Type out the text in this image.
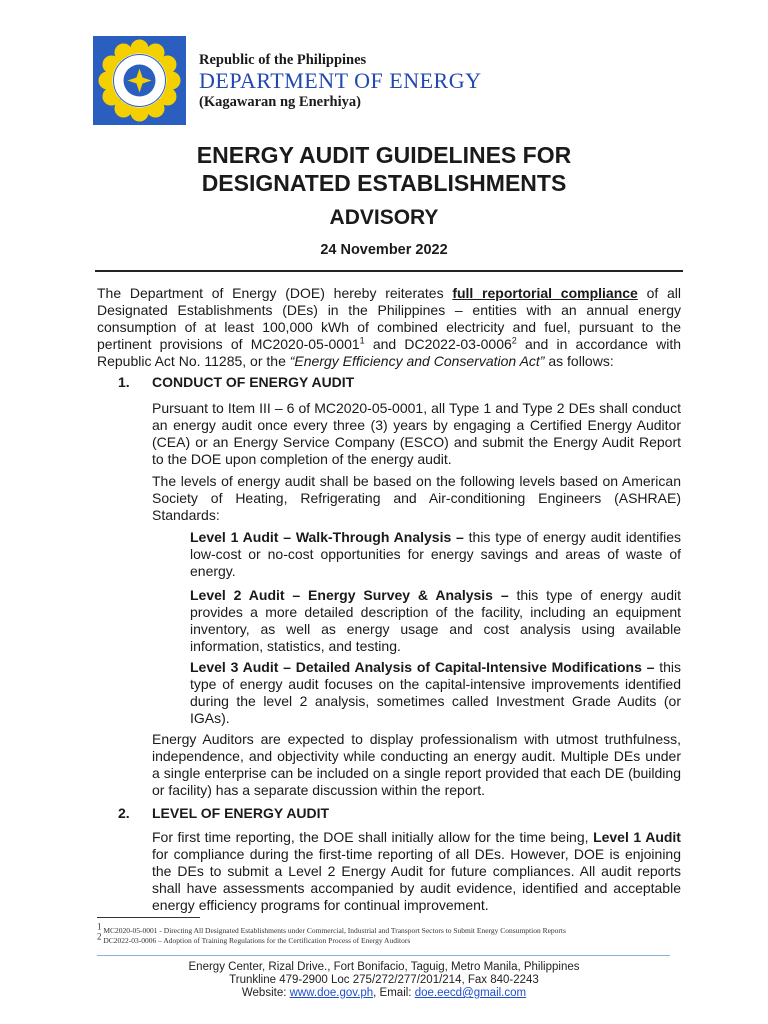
Republic of the Philippines
DEPARTMENT OF ENERGY
(Kagawaran ng Enerhiya)
ENERGY AUDIT GUIDELINES FOR
DESIGNATED ESTABLISHMENTS
ADVISORY
24 November 2022
The Department of Energy (DOE) hereby reiterates full reportorial compliance of all Designated Establishments (DEs) in the Philippines – entities with an annual energy consumption of at least 100,000 kWh of combined electricity and fuel, pursuant to the pertinent provisions of MC2020-05-0001$^1$ and DC2022-03-0006$^2$ and in accordance with Republic Act No. 11285, or the “Energy Efficiency and Conservation Act” as follows:
1. CONDUCT OF ENERGY AUDIT
Pursuant to Item III – 6 of MC2020-05-0001, all Type 1 and Type 2 DEs shall conduct an energy audit once every three (3) years by engaging a Certified Energy Auditor (CEA) or an Energy Service Company (ESCO) and submit the Energy Audit Report to the DOE upon completion of the energy audit.
The levels of energy audit shall be based on the following levels based on American Society of Heating, Refrigerating and Air-conditioning Engineers (ASHRAE) Standards:
Level 1 Audit – Walk-Through Analysis – this type of energy audit identifies low-cost or no-cost opportunities for energy savings and areas of waste of energy.
Level 2 Audit – Energy Survey & Analysis – this type of energy audit provides a more detailed description of the facility, including an equipment inventory, as well as energy usage and cost analysis using available information, statistics, and testing.
Level 3 Audit – Detailed Analysis of Capital-Intensive Modifications – this type of energy audit focuses on the capital-intensive improvements identified during the level 2 analysis, sometimes called Investment Grade Audits (or IGAs).
Energy Auditors are expected to display professionalism with utmost truthfulness, independence, and objectivity while conducting an energy audit. Multiple DEs under a single enterprise can be included on a single report provided that each DE (building or facility) has a separate discussion within the report.
2. LEVEL OF ENERGY AUDIT
For first time reporting, the DOE shall initially allow for the time being, Level 1 Audit for compliance during the first-time reporting of all DEs. However, DOE is enjoining the DEs to submit a Level 2 Energy Audit for future compliances. All audit reports shall have assessments accompanied by audit evidence, identified and acceptable energy efficiency programs for continual improvement.
$^1$ MC2020-05-0001 - Directing All Designated Establishments under Commercial, Industrial and Transport Sectors to Submit Energy Consumption Reports
$^2$ DC2022-03-0006 – Adoption of Training Regulations for the Certification Process of Energy Auditors
Energy Center, Rizal Drive., Fort Bonifacio, Taguig, Metro Manila, Philippines
Trunkline 479-2900 Loc 275/272/277/201/214, Fax 840-2243
Website: www.doe.gov.ph, Email: doe.eecd@gmail.com
